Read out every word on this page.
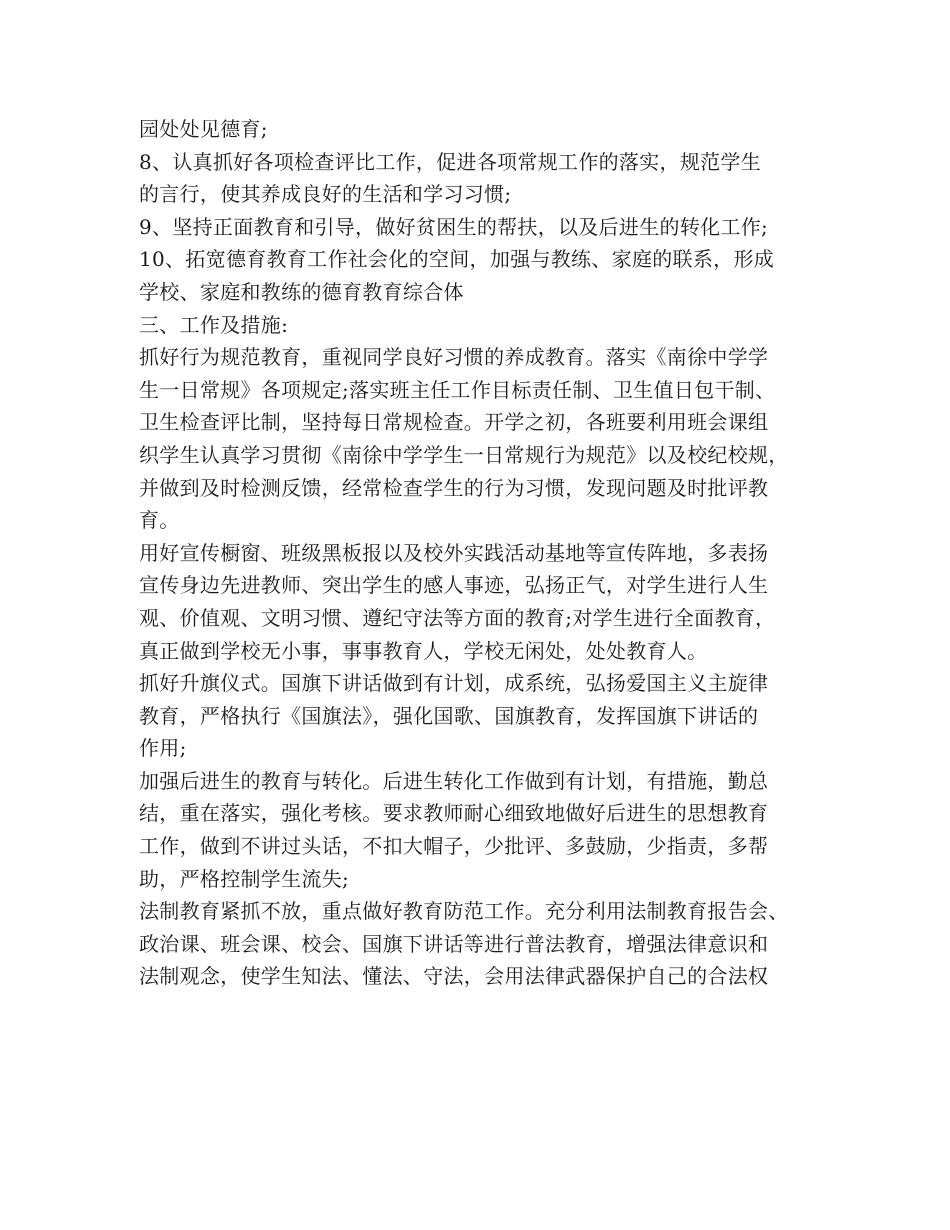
园处处见德育;
8、认真抓好各项检查评比工作，促进各项常规工作的落实，规范学生
的言行，使其养成良好的生活和学习习惯;
9、坚持正面教育和引导，做好贫困生的帮扶，以及后进生的转化工作;
10、拓宽德育教育工作社会化的空间，加强与教练、家庭的联系，形成
学校、家庭和教练的德育教育综合体
三、工作及措施:
抓好行为规范教育，重视同学良好习惯的养成教育。落实《南徐中学学
生一日常规》各项规定;落实班主任工作目标责任制、卫生值日包干制、
卫生检查评比制，坚持每日常规检查。开学之初，各班要利用班会课组
织学生认真学习贯彻《南徐中学学生一日常规行为规范》以及校纪校规，
并做到及时检测反馈，经常检查学生的行为习惯，发现问题及时批评教
育。
用好宣传橱窗、班级黑板报以及校外实践活动基地等宣传阵地，多表扬
宣传身边先进教师、突出学生的感人事迹，弘扬正气，对学生进行人生
观、价值观、文明习惯、遵纪守法等方面的教育;对学生进行全面教育，
真正做到学校无小事，事事教育人，学校无闲处，处处教育人。
抓好升旗仪式。国旗下讲话做到有计划，成系统，弘扬爱国主义主旋律
教育，严格执行《国旗法》，强化国歌、国旗教育，发挥国旗下讲话的
作用;
加强后进生的教育与转化。后进生转化工作做到有计划，有措施，勤总
结，重在落实，强化考核。要求教师耐心细致地做好后进生的思想教育
工作，做到不讲过头话，不扣大帽子，少批评、多鼓励，少指责，多帮
助，严格控制学生流失;
法制教育紧抓不放，重点做好教育防范工作。充分利用法制教育报告会、
政治课、班会课、校会、国旗下讲话等进行普法教育，增强法律意识和
法制观念，使学生知法、懂法、守法，会用法律武器保护自己的合法权
